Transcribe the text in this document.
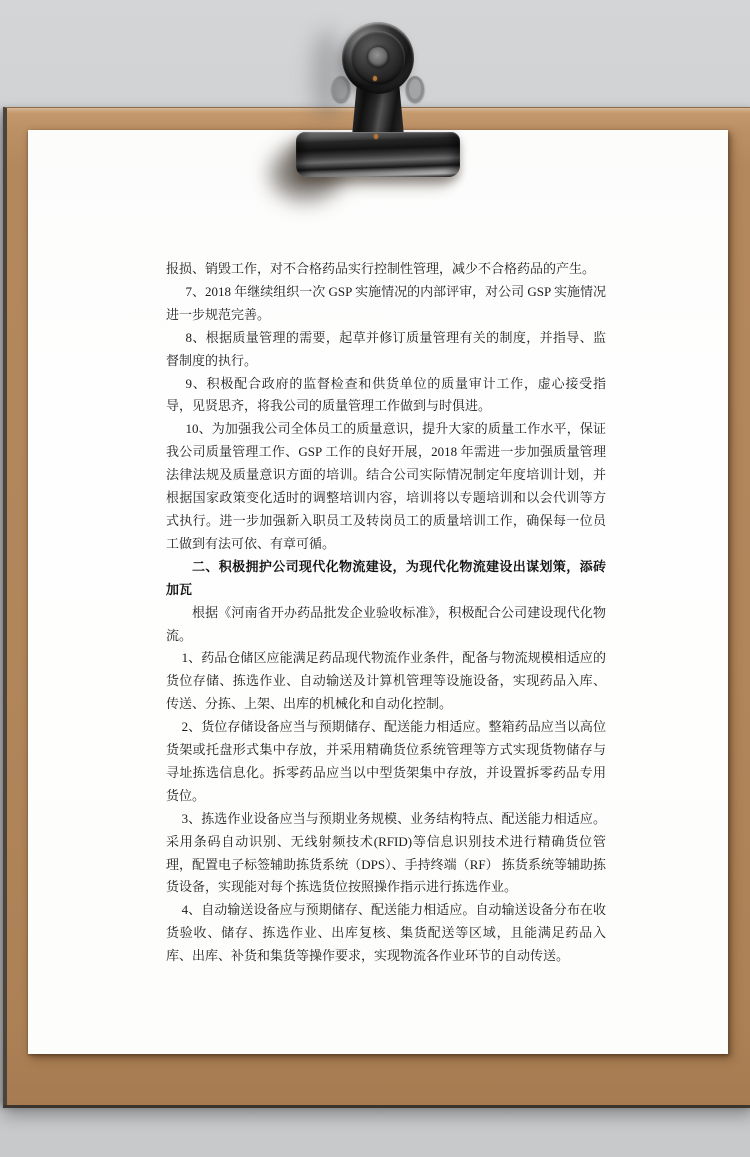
报损、销毁工作，对不合格药品实行控制性管理，减少不合格药品的产生。

7、2018 年继续组织一次 GSP 实施情况的内部评审，对公司 GSP 实施情况进一步规范完善。

8、根据质量管理的需要，起草并修订质量管理有关的制度，并指导、监督制度的执行。

9、积极配合政府的监督检查和供货单位的质量审计工作，虚心接受指导，见贤思齐，将我公司的质量管理工作做到与时俱进。

10、为加强我公司全体员工的质量意识，提升大家的质量工作水平，保证我公司质量管理工作、GSP 工作的良好开展，2018 年需进一步加强质量管理法律法规及质量意识方面的培训。结合公司实际情况制定年度培训计划，并根据国家政策变化适时的调整培训内容，培训将以专题培训和以会代训等方式执行。进一步加强新入职员工及转岗员工的质量培训工作，确保每一位员工做到有法可依、有章可循。

二、积极拥护公司现代化物流建设，为现代化物流建设出谋划策，添砖加瓦

根据《河南省开办药品批发企业验收标准》，积极配合公司建设现代化物流。

1、药品仓储区应能满足药品现代物流作业条件，配备与物流规模相适应的货位存储、拣选作业、自动输送及计算机管理等设施设备，实现药品入库、传送、分拣、上架、出库的机械化和自动化控制。

2、货位存储设备应当与预期储存、配送能力相适应。整箱药品应当以高位货架或托盘形式集中存放，并采用精确货位系统管理等方式实现货物储存与寻址拣选信息化。拆零药品应当以中型货架集中存放，并设置拆零药品专用货位。

3、拣选作业设备应当与预期业务规模、业务结构特点、配送能力相适应。采用条码自动识别、无线射频技术(RFID)等信息识别技术进行精确货位管理，配置电子标签辅助拣货系统（DPS）、手持终端（RF） 拣货系统等辅助拣货设备，实现能对每个拣选货位按照操作指示进行拣选作业。

4、自动输送设备应与预期储存、配送能力相适应。自动输送设备分布在收货验收、储存、拣选作业、出库复核、集货配送等区域，且能满足药品入库、出库、补货和集货等操作要求，实现物流各作业环节的自动传送。
